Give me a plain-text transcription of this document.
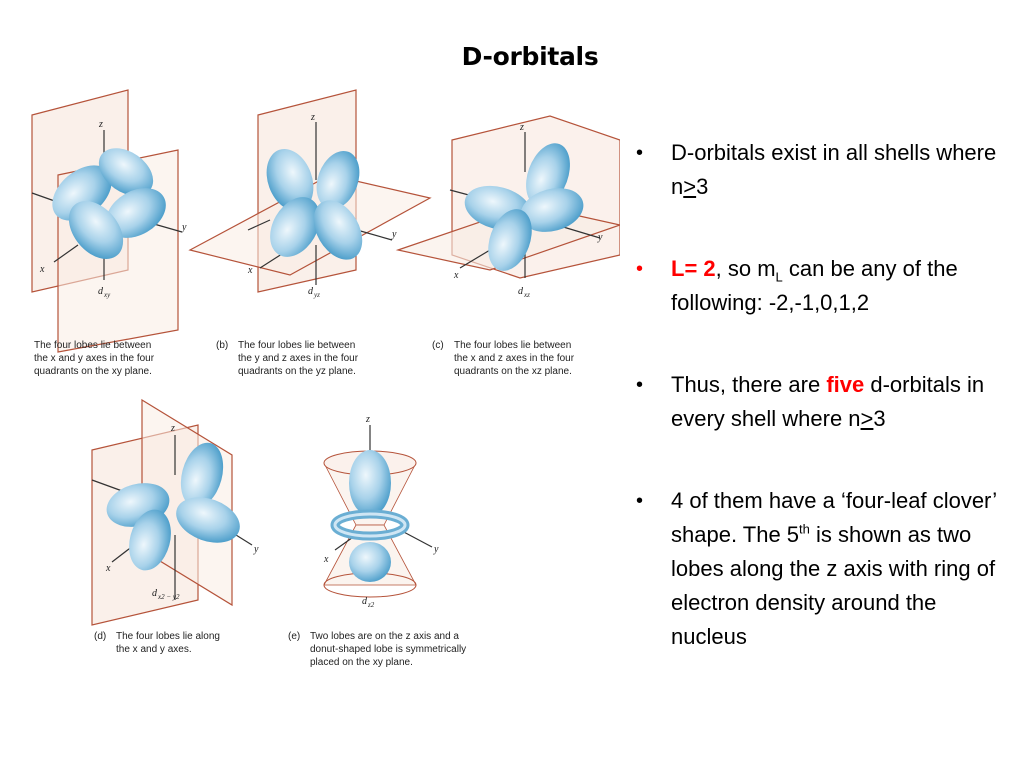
D-orbitals
z
y
x
d xy
z
y
x
d yz
z
y
x
d xz
z
y
x
d x2 − y2
z
y
x
d z2
The four lobes lie between
the x and y axes in the four
quadrants on the xy plane.
(b) The four lobes lie between
the y and z axes in the four
quadrants on the yz plane.
(c) The four lobes lie between
the x and z axes in the four
quadrants on the xz plane.
(d) The four lobes lie along
the x and y axes.
(e) Two lobes are on the z axis and a
donut-shaped lobe is symmetrically
placed on the xy plane.
• D-orbitals exist in all shells where n>3
• L= 2, so $m_L$ can be any of the following: -2,-1,0,1,2
• Thus, there are five d-orbitals in every shell where n>3
• 4 of them have a ‘four-leaf clover’ shape. The 5th is shown as two lobes along the z axis with ring of electron density around the nucleus
